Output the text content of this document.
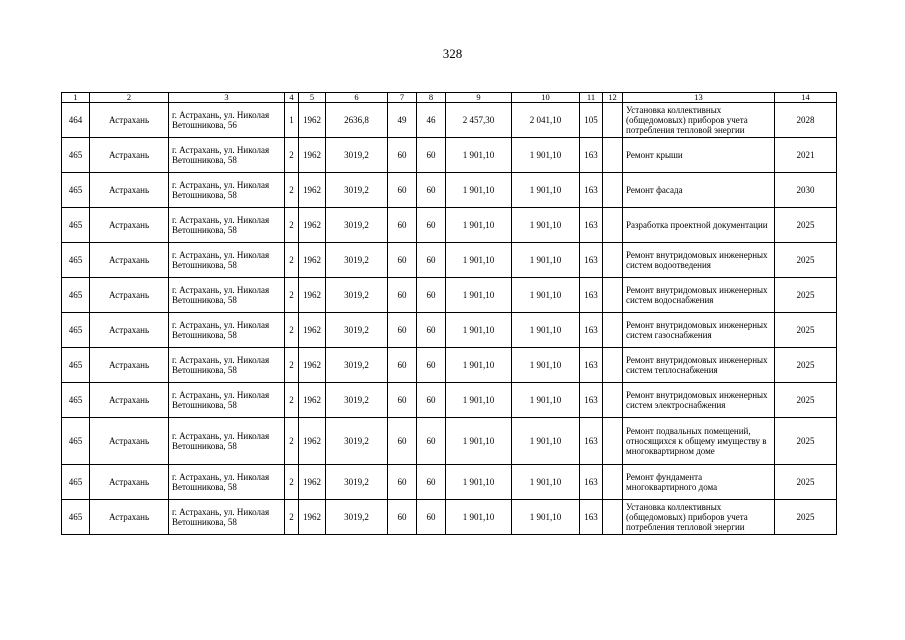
328
1	2	3	4	5	6	7	8	9	10	11	12	13	14
464	Астрахань	г. Астрахань, ул. Николая Ветошникова, 56	1	1962	2636,8	49	46	2 457,30	2 041,10	105		Установка коллективных (общедомовых) приборов учета потребления тепловой энергии	2028
465	Астрахань	г. Астрахань, ул. Николая Ветошникова, 58	2	1962	3019,2	60	60	1 901,10	1 901,10	163		Ремонт крыши	2021
465	Астрахань	г. Астрахань, ул. Николая Ветошникова, 58	2	1962	3019,2	60	60	1 901,10	1 901,10	163		Ремонт фасада	2030
465	Астрахань	г. Астрахань, ул. Николая Ветошникова, 58	2	1962	3019,2	60	60	1 901,10	1 901,10	163		Разработка проектной документации	2025
465	Астрахань	г. Астрахань, ул. Николая Ветошникова, 58	2	1962	3019,2	60	60	1 901,10	1 901,10	163		Ремонт внутридомовых инженерных систем водоотведения	2025
465	Астрахань	г. Астрахань, ул. Николая Ветошникова, 58	2	1962	3019,2	60	60	1 901,10	1 901,10	163		Ремонт внутридомовых инженерных систем водоснабжения	2025
465	Астрахань	г. Астрахань, ул. Николая Ветошникова, 58	2	1962	3019,2	60	60	1 901,10	1 901,10	163		Ремонт внутридомовых инженерных систем газоснабжения	2025
465	Астрахань	г. Астрахань, ул. Николая Ветошникова, 58	2	1962	3019,2	60	60	1 901,10	1 901,10	163		Ремонт внутридомовых инженерных систем теплоснабжения	2025
465	Астрахань	г. Астрахань, ул. Николая Ветошникова, 58	2	1962	3019,2	60	60	1 901,10	1 901,10	163		Ремонт внутридомовых инженерных систем электроснабжения	2025
465	Астрахань	г. Астрахань, ул. Николая Ветошникова, 58	2	1962	3019,2	60	60	1 901,10	1 901,10	163		Ремонт подвальных помещений, относящихся к общему имуществу в многоквартирном доме	2025
465	Астрахань	г. Астрахань, ул. Николая Ветошникова, 58	2	1962	3019,2	60	60	1 901,10	1 901,10	163		Ремонт фундамента многоквартирного дома	2025
465	Астрахань	г. Астрахань, ул. Николая Ветошникова, 58	2	1962	3019,2	60	60	1 901,10	1 901,10	163		Установка коллективных (общедомовых) приборов учета потребления тепловой энергии	2025
